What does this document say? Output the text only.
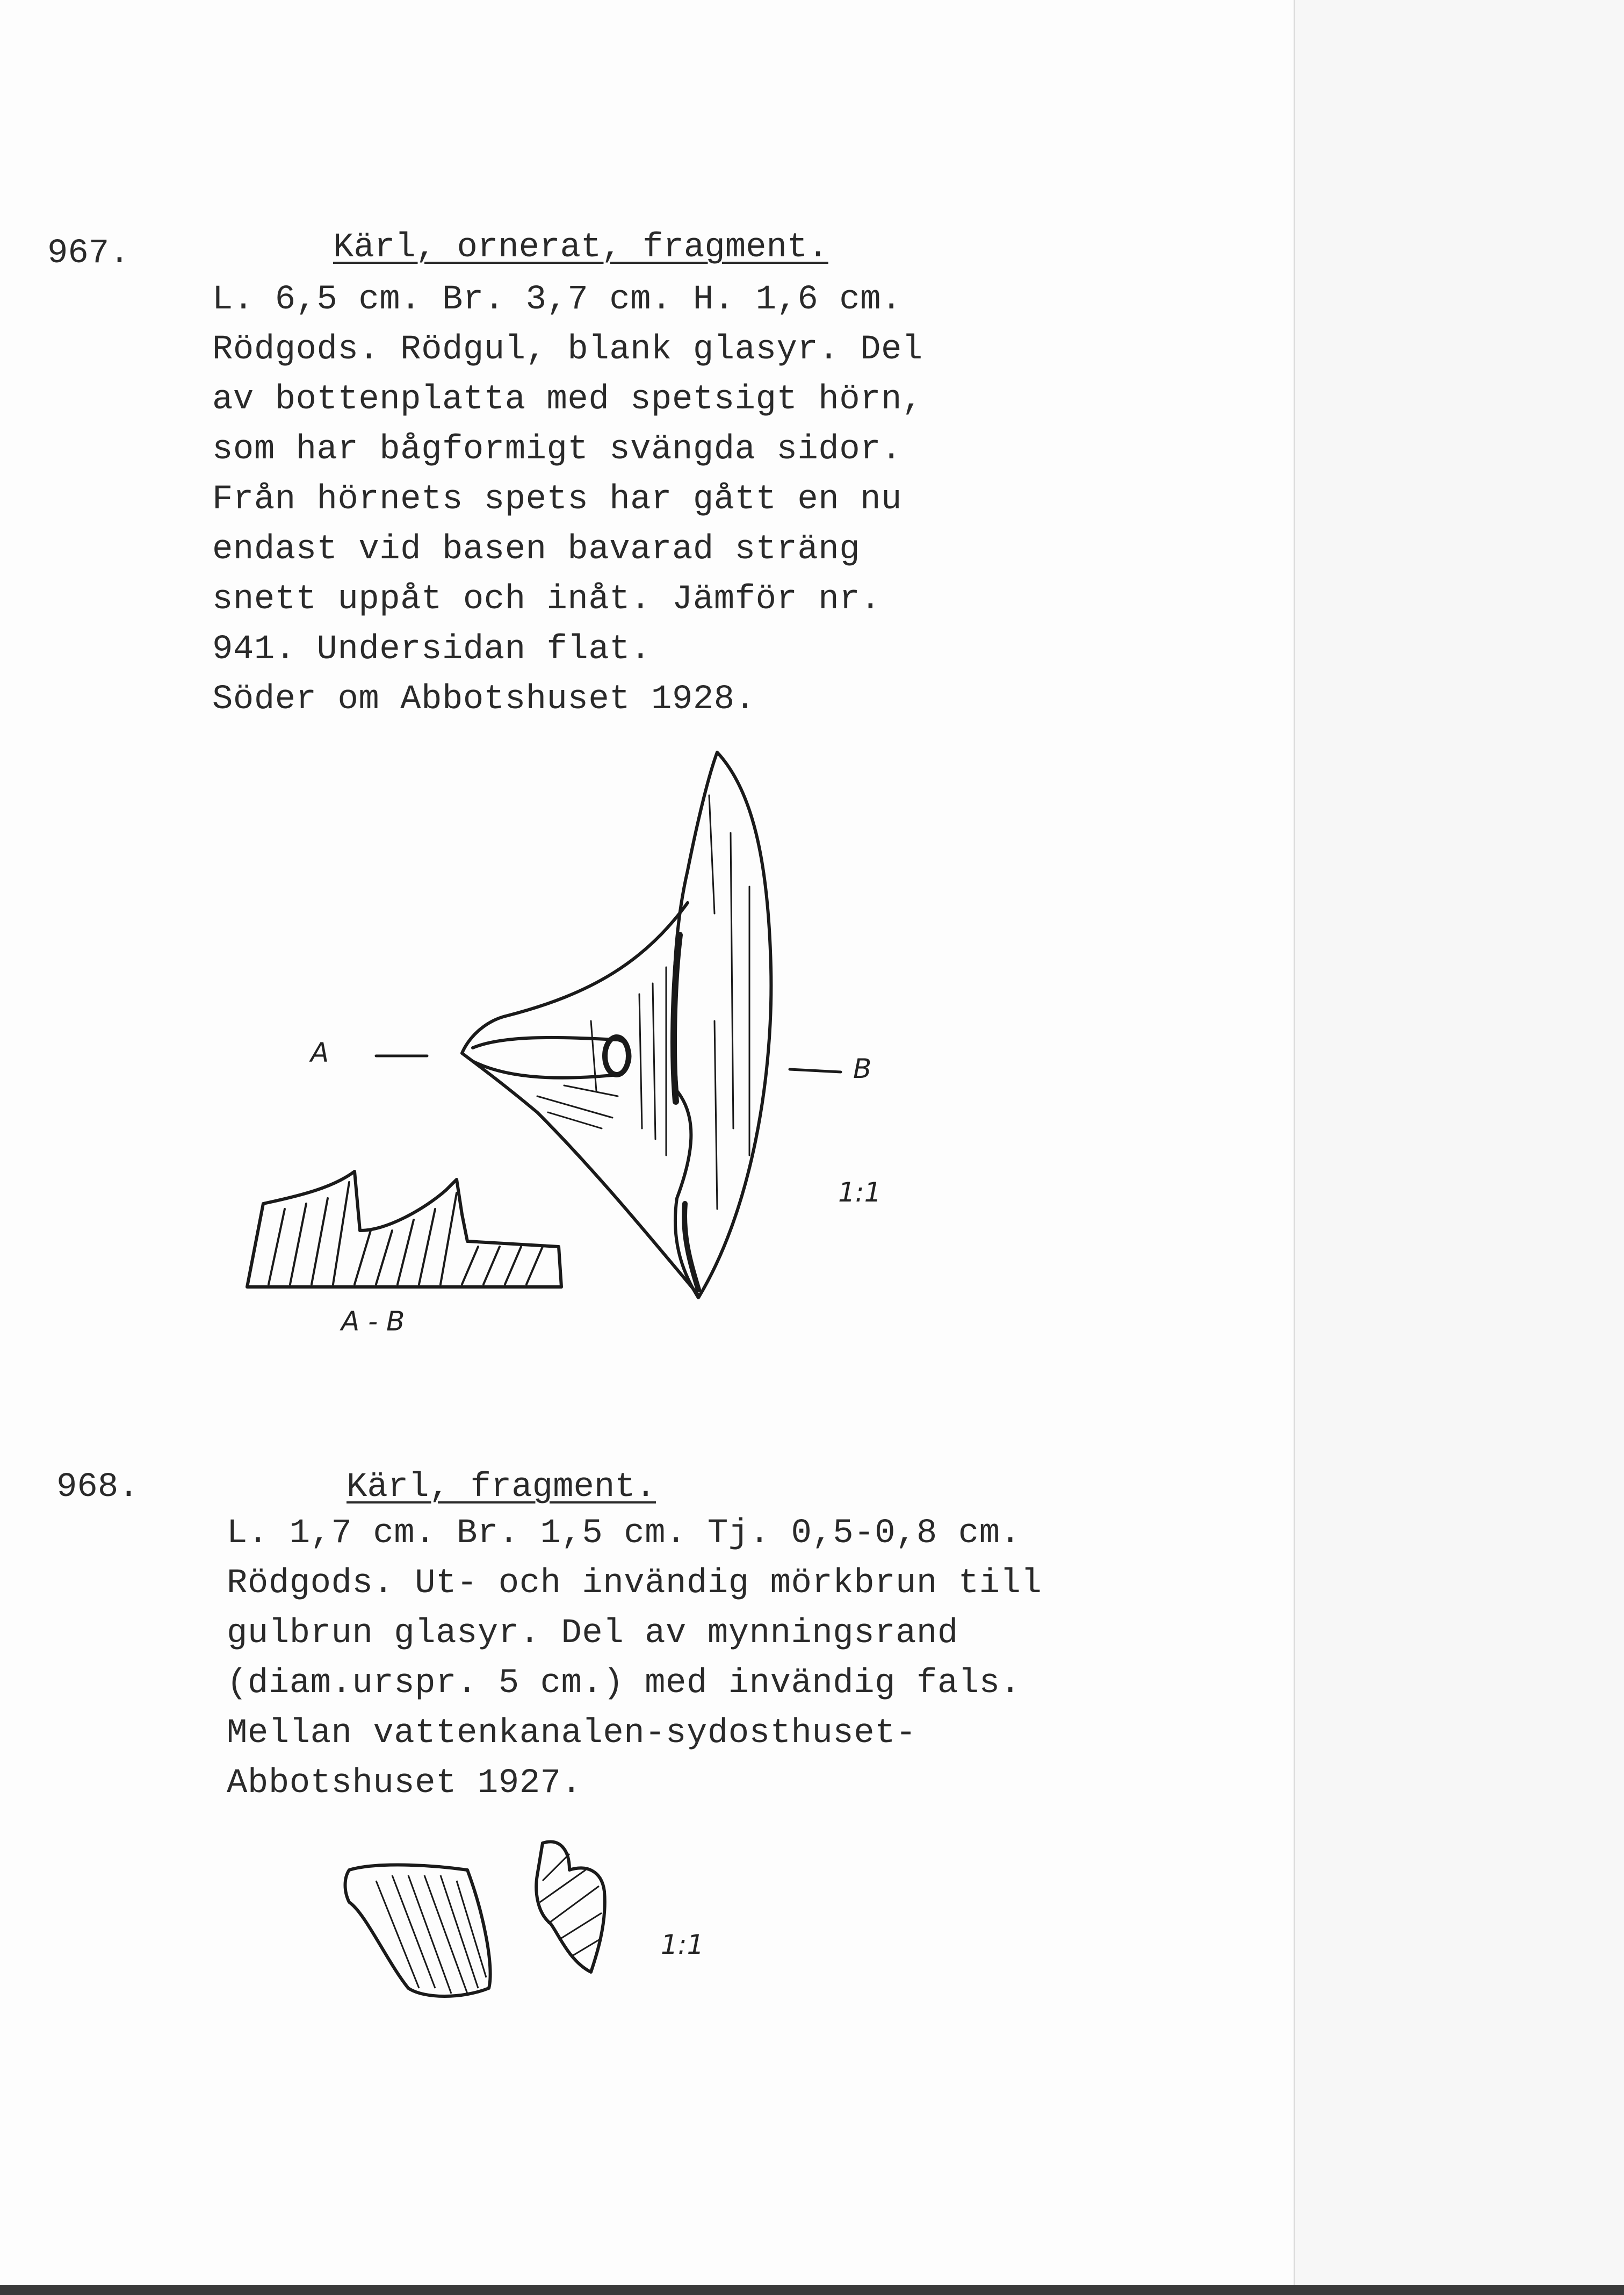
967.	Kärl, ornerat, fragment.
L. 6,5 cm. Br. 3,7 cm. H. 1,6 cm.
Rödgods. Rödgul, blank glasyr. Del
av bottenplatta med spetsigt hörn,
som har bågformigt svängda sidor.
Från hörnets spets har gått en nu
endast vid basen bavarad sträng
snett uppåt och inåt. Jämför nr.
941. Undersidan flat.
Söder om Abbotshuset 1928.
A
B
1:1
A - B
968.	Kärl, fragment.
L. 1,7 cm. Br. 1,5 cm. Tj. 0,5-0,8 cm.
Rödgods. Ut- och invändig mörkbrun till
gulbrun glasyr. Del av mynningsrand
(diam.urspr. 5 cm.) med invändig fals.
Mellan vattenkanalen-sydosthuset-
Abbotshuset 1927.
1:1
